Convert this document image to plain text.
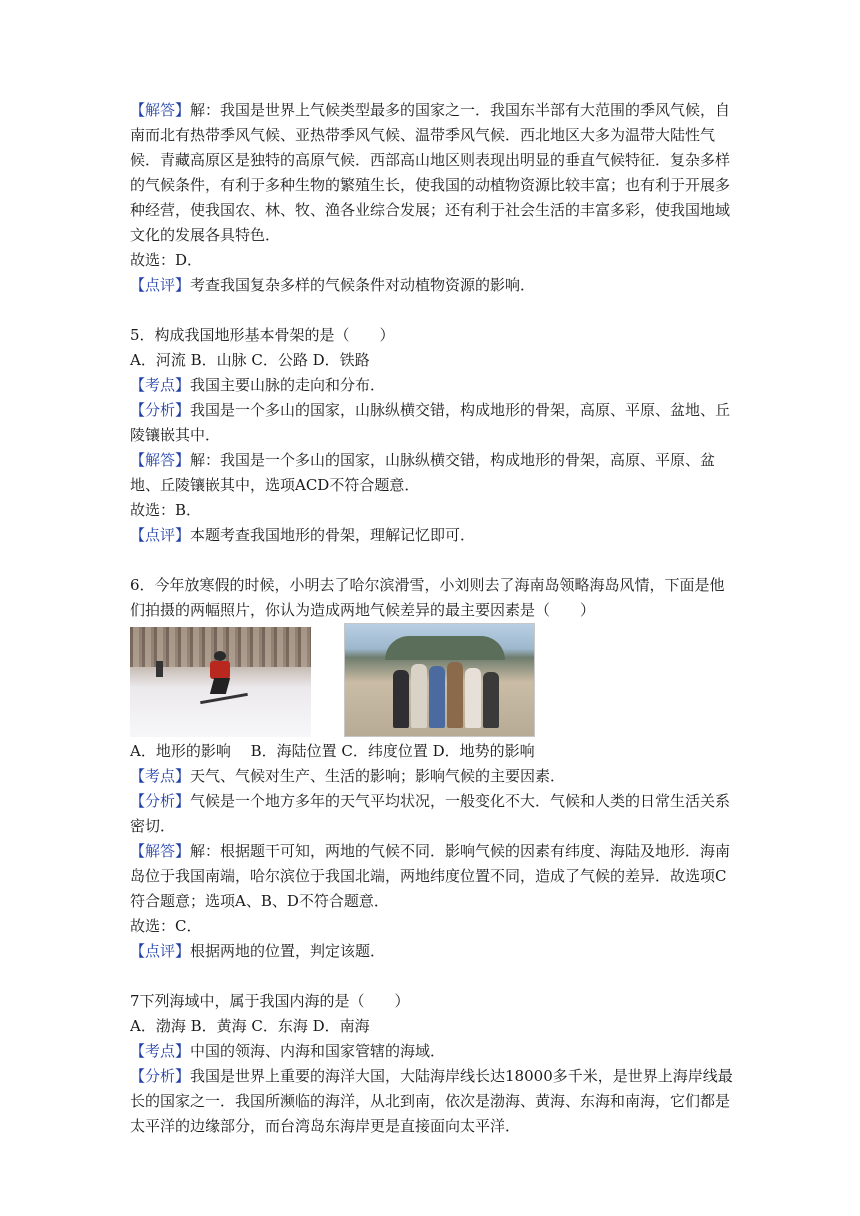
【解答】解：我国是世界上气候类型最多的国家之一．我国东半部有大范围的季风气候，自南而北有热带季风气候、亚热带季风气候、温带季风气候．西北地区大多为温带大陆性气候．青藏高原区是独特的高原气候．西部高山地区则表现出明显的垂直气候特征．复杂多样的气候条件，有利于多种生物的繁殖生长，使我国的动植物资源比较丰富；也有利于开展多种经营，使我国农、林、牧、渔各业综合发展；还有利于社会生活的丰富多彩，使我国地域文化的发展各具特色．

故选：D．

【点评】考查我国复杂多样的气候条件对动植物资源的影响．

5．构成我国地形基本骨架的是（　　）

A．河流 B．山脉 C．公路 D．铁路

【考点】我国主要山脉的走向和分布．

【分析】我国是一个多山的国家，山脉纵横交错，构成地形的骨架，高原、平原、盆地、丘陵镶嵌其中．

【解答】解：我国是一个多山的国家，山脉纵横交错，构成地形的骨架，高原、平原、盆地、丘陵镶嵌其中，选项ACD不符合题意．

故选：B．

【点评】本题考查我国地形的骨架，理解记忆即可．

6．今年放寒假的时候，小明去了哈尔滨滑雪，小刘则去了海南岛领略海岛风情，下面是他们拍摄的两幅照片，你认为造成两地气候差异的最主要因素是（　　）

A．地形的影响　 B．海陆位置 C．纬度位置 D．地势的影响

【考点】天气、气候对生产、生活的影响；影响气候的主要因素．

【分析】气候是一个地方多年的天气平均状况，一般变化不大．气候和人类的日常生活关系密切．

【解答】解：根据题干可知，两地的气候不同．影响气候的因素有纬度、海陆及地形．海南岛位于我国南端，哈尔滨位于我国北端，两地纬度位置不同，造成了气候的差异．故选项C符合题意；选项A、B、D不符合题意．

故选：C．

【点评】根据两地的位置，判定该题．

7下列海域中，属于我国内海的是（　　）

A．渤海 B．黄海 C．东海 D．南海

【考点】中国的领海、内海和国家管辖的海域．

【分析】我国是世界上重要的海洋大国，大陆海岸线长达18000多千米，是世界上海岸线最长的国家之一．我国所濒临的海洋，从北到南，依次是渤海、黄海、东海和南海，它们都是太平洋的边缘部分，而台湾岛东海岸更是直接面向太平洋．
